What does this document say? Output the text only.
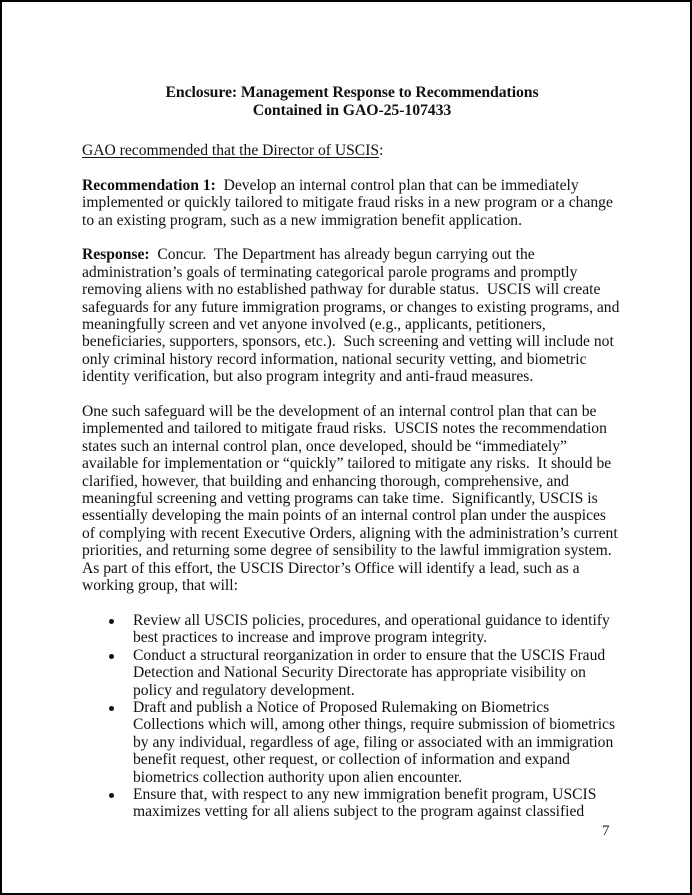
Enclosure: Management Response to Recommendations
Contained in GAO-25-107433

GAO recommended that the Director of USCIS:

Recommendation 1:  Develop an internal control plan that can be immediately implemented or quickly tailored to mitigate fraud risks in a new program or a change to an existing program, such as a new immigration benefit application.

Response:  Concur.  The Department has already begun carrying out the administration’s goals of terminating categorical parole programs and promptly removing aliens with no established pathway for durable status.  USCIS will create safeguards for any future immigration programs, or changes to existing programs, and meaningfully screen and vet anyone involved (e.g., applicants, petitioners, beneficiaries, supporters, sponsors, etc.).  Such screening and vetting will include not only criminal history record information, national security vetting, and biometric identity verification, but also program integrity and anti-fraud measures.

One such safeguard will be the development of an internal control plan that can be implemented and tailored to mitigate fraud risks.  USCIS notes the recommendation states such an internal control plan, once developed, should be “immediately” available for implementation or “quickly” tailored to mitigate any risks.  It should be clarified, however, that building and enhancing thorough, comprehensive, and meaningful screening and vetting programs can take time.  Significantly, USCIS is essentially developing the main points of an internal control plan under the auspices of complying with recent Executive Orders, aligning with the administration’s current priorities, and returning some degree of sensibility to the lawful immigration system.  As part of this effort, the USCIS Director’s Office will identify a lead, such as a working group, that will:

Review all USCIS policies, procedures, and operational guidance to identify best practices to increase and improve program integrity.
Conduct a structural reorganization in order to ensure that the USCIS Fraud Detection and National Security Directorate has appropriate visibility on policy and regulatory development.
Draft and publish a Notice of Proposed Rulemaking on Biometrics Collections which will, among other things, require submission of biometrics by any individual, regardless of age, filing or associated with an immigration benefit request, other request, or collection of information and expand biometrics collection authority upon alien encounter.
Ensure that, with respect to any new immigration benefit program, USCIS maximizes vetting for all aliens subject to the program against classified
7
